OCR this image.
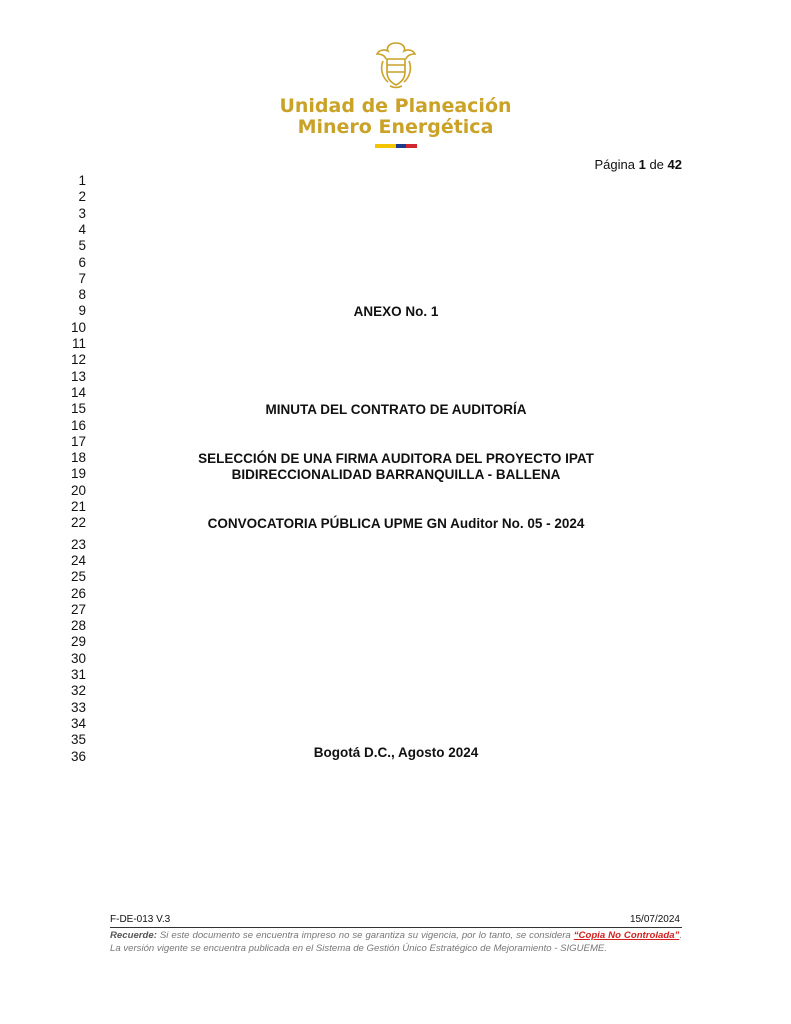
Unidad de Planeación
Minero Energética
Página 1 de 42
1
2
3
4
5
6
7
8
9
10
11
12
13
14
15
16
17
18
19
20
21
22
23
24
25
26
27
28
29
30
31
32
33
34
35
36
ANEXO No. 1
MINUTA DEL CONTRATO DE AUDITORÍA
SELECCIÓN DE UNA FIRMA AUDITORA DEL PROYECTO IPAT
BIDIRECCIONALIDAD BARRANQUILLA - BALLENA
CONVOCATORIA PÚBLICA UPME GN Auditor No. 05 - 2024
Bogotá D.C., Agosto 2024
F-DE-013 V.3	15/07/2024
Recuerde: Si este documento se encuentra impreso no se garantiza su vigencia, por lo tanto, se considera “Copia No Controlada”. La versión vigente se encuentra publicada en el Sistema de Gestión Único Estratégico de Mejoramiento - SIGUEME.
